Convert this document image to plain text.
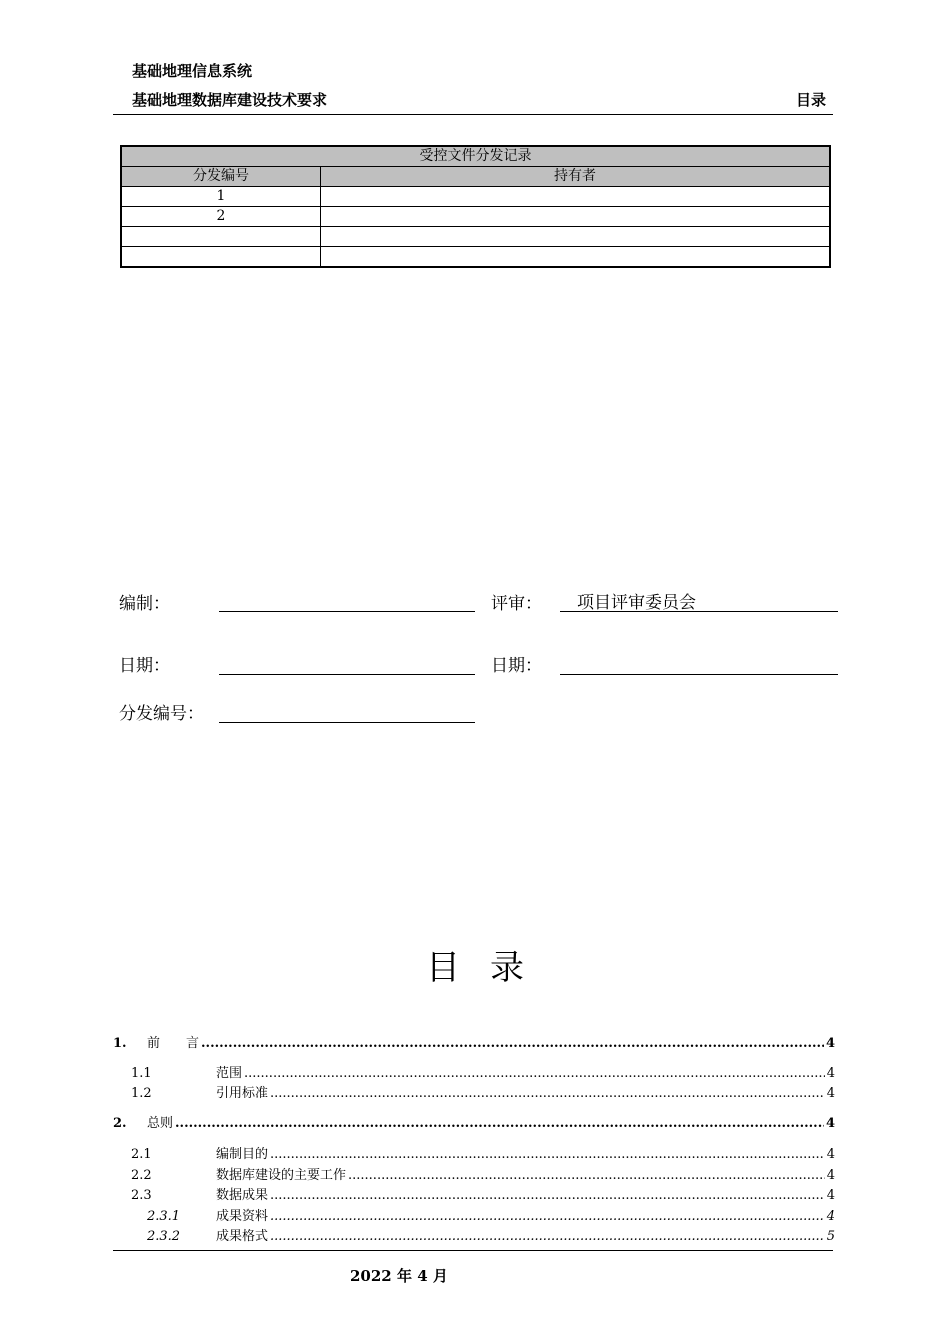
基础地理信息系统
基础地理数据库建设技术要求	目录
受控文件分发记录	
分发编号	持有者
1	
2	

编制：	评审： 项目评审委员会
日期：	日期：
分发编号：
目录
1.	前　　言 .....	4
1.1	范围 .....	4
1.2	引用标准 .....	4
2.	总则 .....	4
2.1	编制目的 .....	4
2.2	数据库建设的主要工作 .....	4
2.3	数据成果 .....	4
2.3.1	成果资料 .....	4
2.3.2	成果格式 .....	5
2022 年 4 月
